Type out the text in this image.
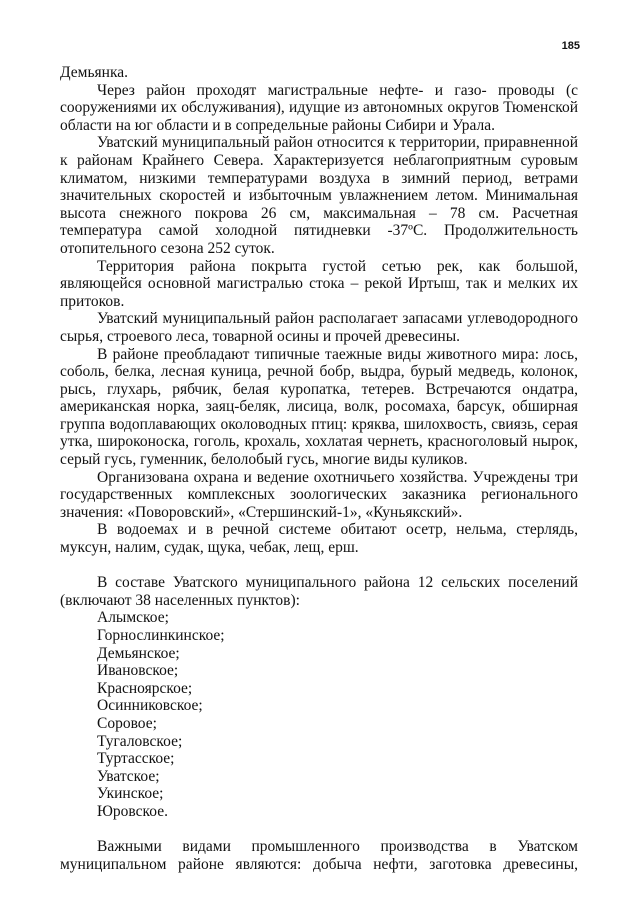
185

Демьянка.

Через район проходят магистральные нефте- и газо- проводы (с сооружениями их обслуживания), идущие из автономных округов Тюменской области на юг области и в сопредельные районы Сибири и Урала.

Уватский муниципальный район относится к территории, приравненной к районам Крайнего Севера. Характеризуется неблагоприятным суровым климатом, низкими температурами воздуха в зимний период, ветрами значительных скоростей и избыточным увлажнением летом. Минимальная высота снежного покрова 26 см, максимальная – 78 см. Расчетная температура самой холодной пятидневки -37ºС. Продолжительность отопительного сезона 252 суток.

Территория района покрыта густой сетью рек, как большой, являющейся основной магистралью стока – рекой Иртыш, так и мелких их притоков.

Уватский муниципальный район располагает запасами углеводородного сырья, строевого леса, товарной осины и прочей древесины.

В районе преобладают типичные таежные виды животного мира: лось, соболь, белка, лесная куница, речной бобр, выдра, бурый медведь, колонок, рысь, глухарь, рябчик, белая куропатка, тетерев. Встречаются ондатра, американская норка, заяц-беляк, лисица, волк, росомаха, барсук, обширная группа водоплавающих околоводных птиц: кряква, шилохвость, свиязь, серая утка, широконоска, гоголь, крохаль, хохлатая чернеть, красноголовый нырок, серый гусь, гуменник, белолобый гусь, многие виды куликов.

Организована охрана и ведение охотничьего хозяйства. Учреждены три государственных комплексных зоологических заказника регионального значения: «Поворовский», «Стершинский-1», «Куньякский».

В водоемах и в речной системе обитают осетр, нельма, стерлядь, муксун, налим, судак, щука, чебак, лещ, ерш.

В составе Уватского муниципального района 12 сельских поселений (включают 38 населенных пунктов):

Алымское;
Горнослинкинское;
Демьянское;
Ивановское;
Красноярское;
Осинниковское;
Соровое;
Тугаловское;
Туртасское;
Уватское;
Укинское;
Юровское.

Важными видами промышленного производства в Уватском муниципальном районе являются: добыча нефти, заготовка древесины,
